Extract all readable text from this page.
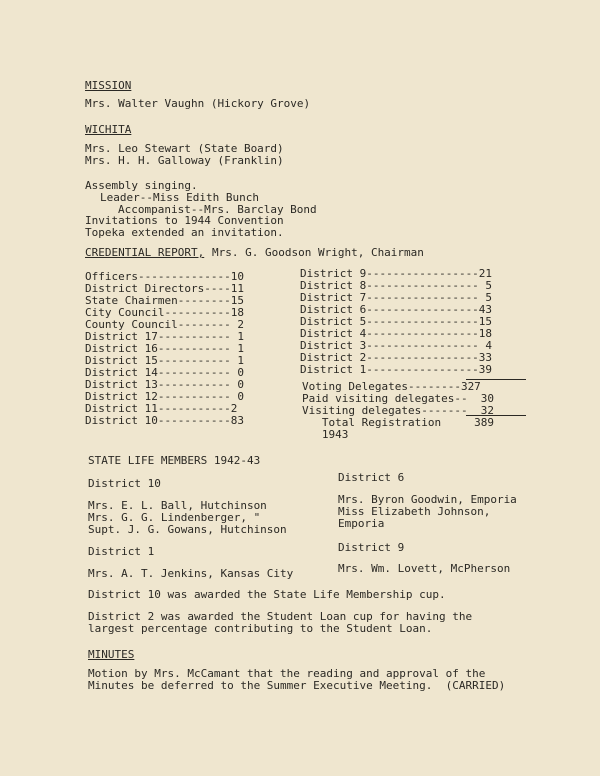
MISSION
Mrs. Walter Vaughn (Hickory Grove)
WICHITA
Mrs. Leo Stewart (State Board)
Mrs. H. H. Galloway (Franklin)
Assembly singing.
Leader--Miss Edith Bunch
Accompanist--Mrs. Barclay Bond
Invitations to 1944 Convention
Topeka extended an invitation.
CREDENTIAL REPORT, Mrs. G. Goodson Wright, Chairman
Officers--------------10
District Directors----11
State Chairmen--------15
City Council----------18
County Council-------- 2
District 17----------- 1
District 16----------- 1
District 15----------- 1
District 14----------- 0
District 13----------- 0
District 12----------- 0
District 11-----------2
District 10-----------83
District 9-----------------21
District 8----------------- 5
District 7----------------- 5
District 6-----------------43
District 5-----------------15
District 4-----------------18
District 3----------------- 4
District 2-----------------33
District 1-----------------39
Voting Delegates--------327
Paid visiting delegates--  30
Visiting delegates-------  32
Total Registration     389
1943
STATE LIFE MEMBERS 1942-43
District 10
Mrs. E. L. Ball, Hutchinson
Mrs. G. G. Lindenberger, "
Supt. J. G. Gowans, Hutchinson
District 1
Mrs. A. T. Jenkins, Kansas City
District 6
Mrs. Byron Goodwin, Emporia
Miss Elizabeth Johnson,
Emporia
District 9
Mrs. Wm. Lovett, McPherson
District 10 was awarded the State Life Membership cup.
District 2 was awarded the Student Loan cup for having the
largest percentage contributing to the Student Loan.
MINUTES
Motion by Mrs. McCamant that the reading and approval of the
Minutes be deferred to the Summer Executive Meeting.  (CARRIED)
